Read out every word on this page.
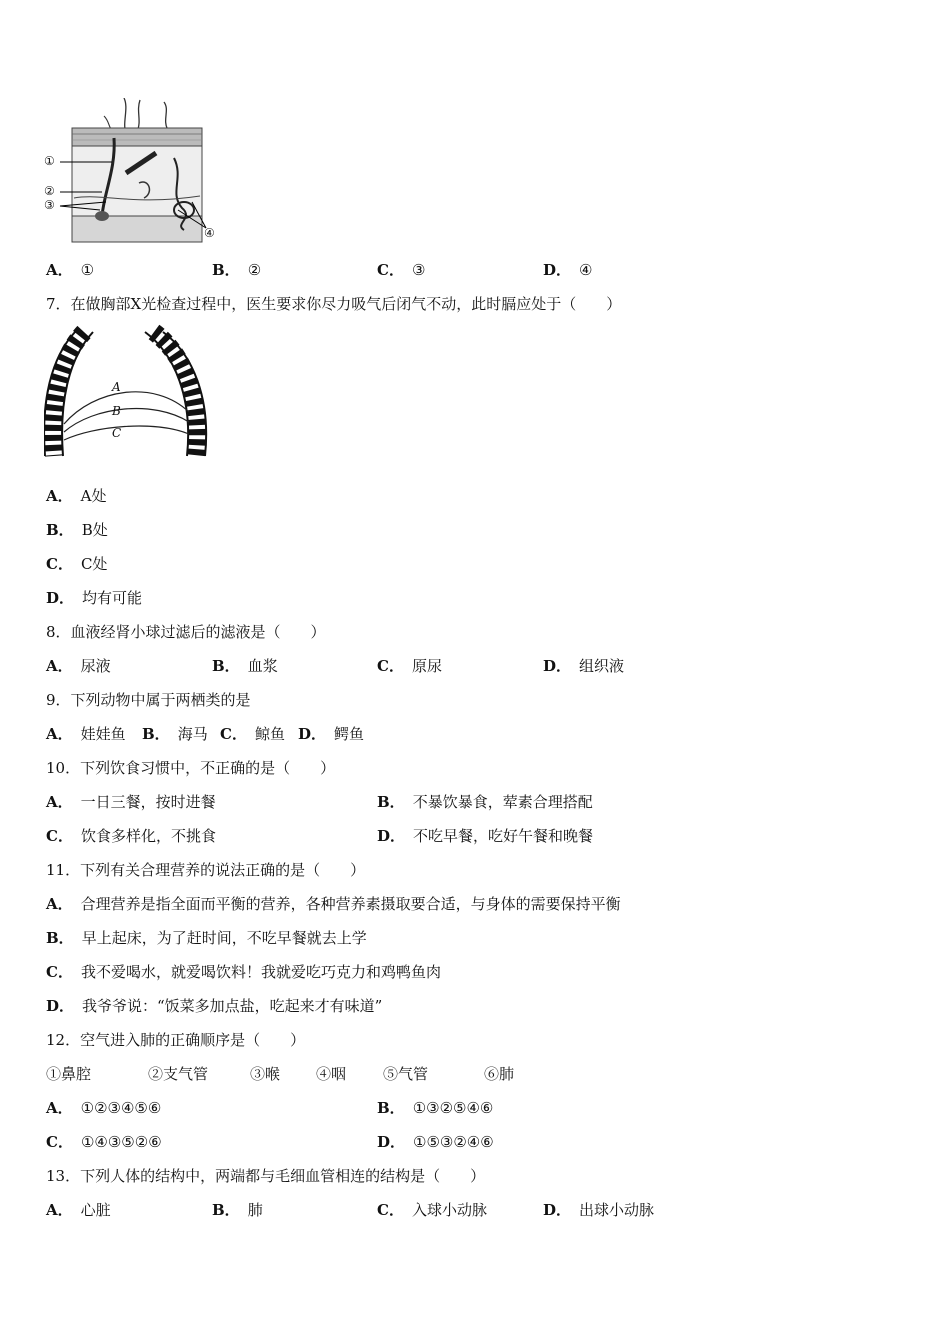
①
②
③
④
A． ①	B． ②	C． ③	D． ④
7．在做胸部X光检查过程中，医生要求你尽力吸气后闭气不动，此时膈应处于（　　）
A
B
C
A． A处
B． B处
C． C处
D． 均有可能
8．血液经肾小球过滤后的滤液是（　　）
A． 尿液	B． 血浆	C． 原尿	D． 组织液
9．下列动物中属于两栖类的是
A． 娃娃鱼 B． 海马 C． 鲸鱼 D． 鳄鱼
10．下列饮食习惯中，不正确的是（　　）
A． 一日三餐，按时进餐	B． 不暴饮暴食，荤素合理搭配
C． 饮食多样化，不挑食	D． 不吃早餐，吃好午餐和晚餐
11．下列有关合理营养的说法正确的是（　　）
A． 合理营养是指全面而平衡的营养，各种营养素摄取要合适，与身体的需要保持平衡
B． 早上起床，为了赶时间，不吃早餐就去上学
C． 我不爱喝水，就爱喝饮料！我就爱吃巧克力和鸡鸭鱼肉
D． 我爷爷说：“饭菜多加点盐，吃起来才有味道”
12．空气进入肺的正确顺序是（　　）
①鼻腔	②支气管	③喉 ④咽 ⑤气管	⑥肺
A． ①②③④⑤⑥	B． ①③②⑤④⑥
C． ①④③⑤②⑥	D． ①⑤③②④⑥
13．下列人体的结构中，两端都与毛细血管相连的结构是（　　）
A． 心脏	B． 肺	C． 入球小动脉	D． 出球小动脉
